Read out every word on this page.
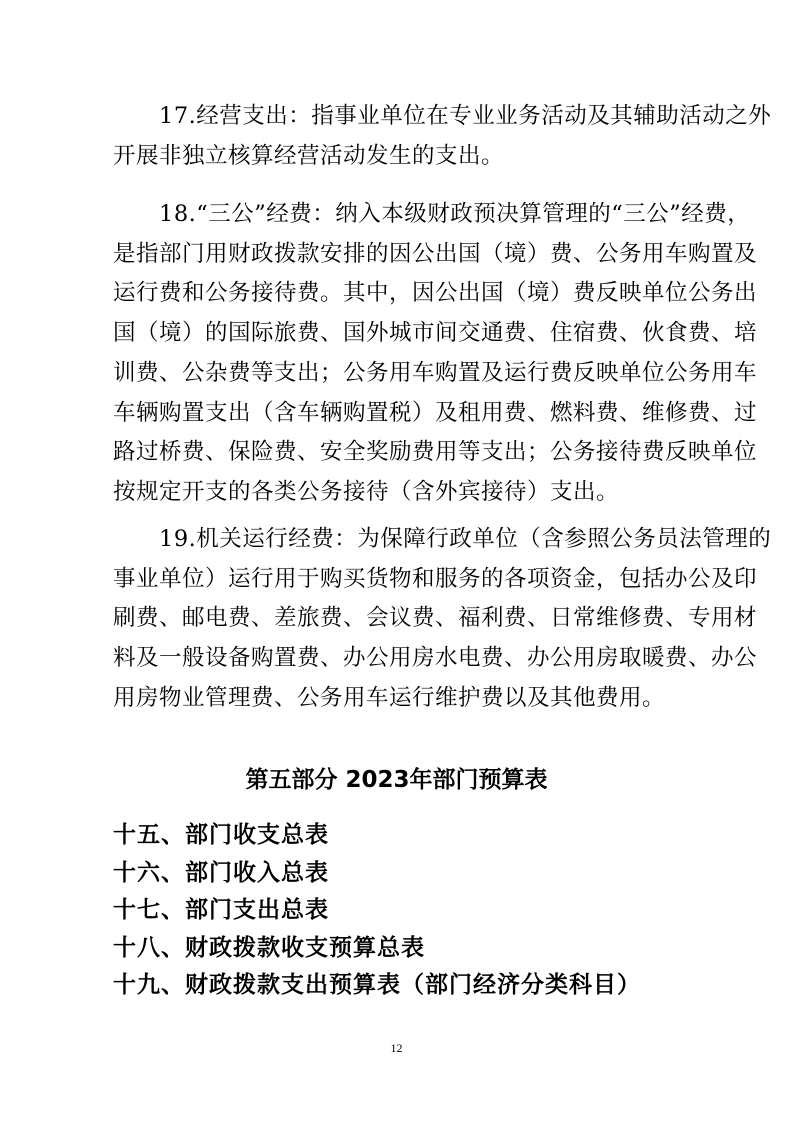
　　17.经营支出：指事业单位在专业业务活动及其辅助活动之外
开展非独立核算经营活动发生的支出。
　　18.“三公”经费：纳入本级财政预决算管理的“三公”经费，
是指部门用财政拨款安排的因公出国（境）费、公务用车购置及
运行费和公务接待费。其中，因公出国（境）费反映单位公务出
国（境）的国际旅费、国外城市间交通费、住宿费、伙食费、培
训费、公杂费等支出；公务用车购置及运行费反映单位公务用车
车辆购置支出（含车辆购置税）及租用费、燃料费、维修费、过
路过桥费、保险费、安全奖励费用等支出；公务接待费反映单位
按规定开支的各类公务接待（含外宾接待）支出。
　　19.机关运行经费：为保障行政单位（含参照公务员法管理的
事业单位）运行用于购买货物和服务的各项资金，包括办公及印
刷费、邮电费、差旅费、会议费、福利费、日常维修费、专用材
料及一般设备购置费、办公用房水电费、办公用房取暖费、办公
用房物业管理费、公务用车运行维护费以及其他费用。
第五部分 2023年部门预算表
十五、部门收支总表
十六、部门收入总表
十七、部门支出总表
十八、财政拨款收支预算总表
十九、财政拨款支出预算表（部门经济分类科目）
12
